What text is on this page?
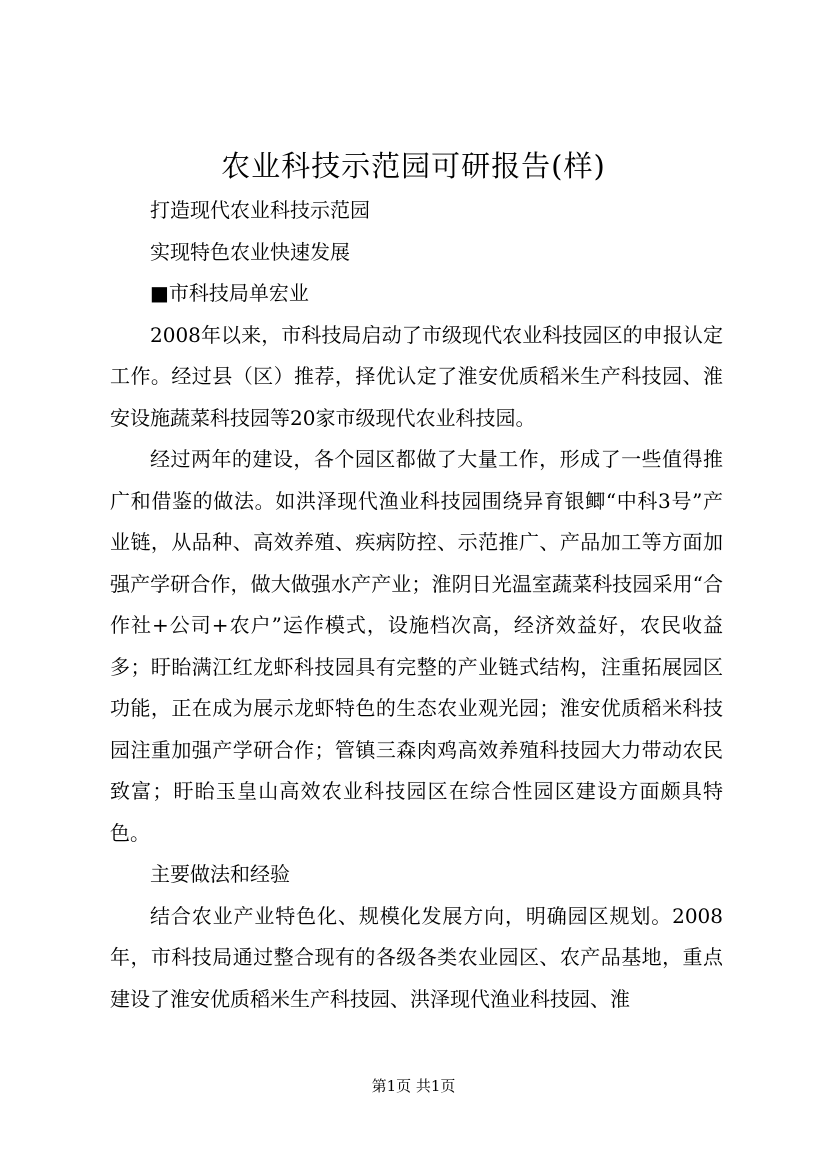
农业科技示范园可研报告(样)

打造现代农业科技示范园

实现特色农业快速发展

■市科技局单宏业

2008年以来，市科技局启动了市级现代农业科技园区的申报认定工作。经过县（区）推荐，择优认定了淮安优质稻米生产科技园、淮安设施蔬菜科技园等20家市级现代农业科技园。

经过两年的建设，各个园区都做了大量工作，形成了一些值得推广和借鉴的做法。如洪泽现代渔业科技园围绕异育银鲫“中科3号”产业链，从品种、高效养殖、疾病防控、示范推广、产品加工等方面加强产学研合作，做大做强水产产业；淮阴日光温室蔬菜科技园采用“合作社+公司+农户”运作模式，设施档次高，经济效益好，农民收益多；盱眙满江红龙虾科技园具有完整的产业链式结构，注重拓展园区功能，正在成为展示龙虾特色的生态农业观光园；淮安优质稻米科技园注重加强产学研合作；管镇三森肉鸡高效养殖科技园大力带动农民致富；盱眙玉皇山高效农业科技园区在综合性园区建设方面颇具特色。

主要做法和经验

结合农业产业特色化、规模化发展方向，明确园区规划。2008年，市科技局通过整合现有的各级各类农业园区、农产品基地，重点建设了淮安优质稻米生产科技园、洪泽现代渔业科技园、淮

第1页 共1页
